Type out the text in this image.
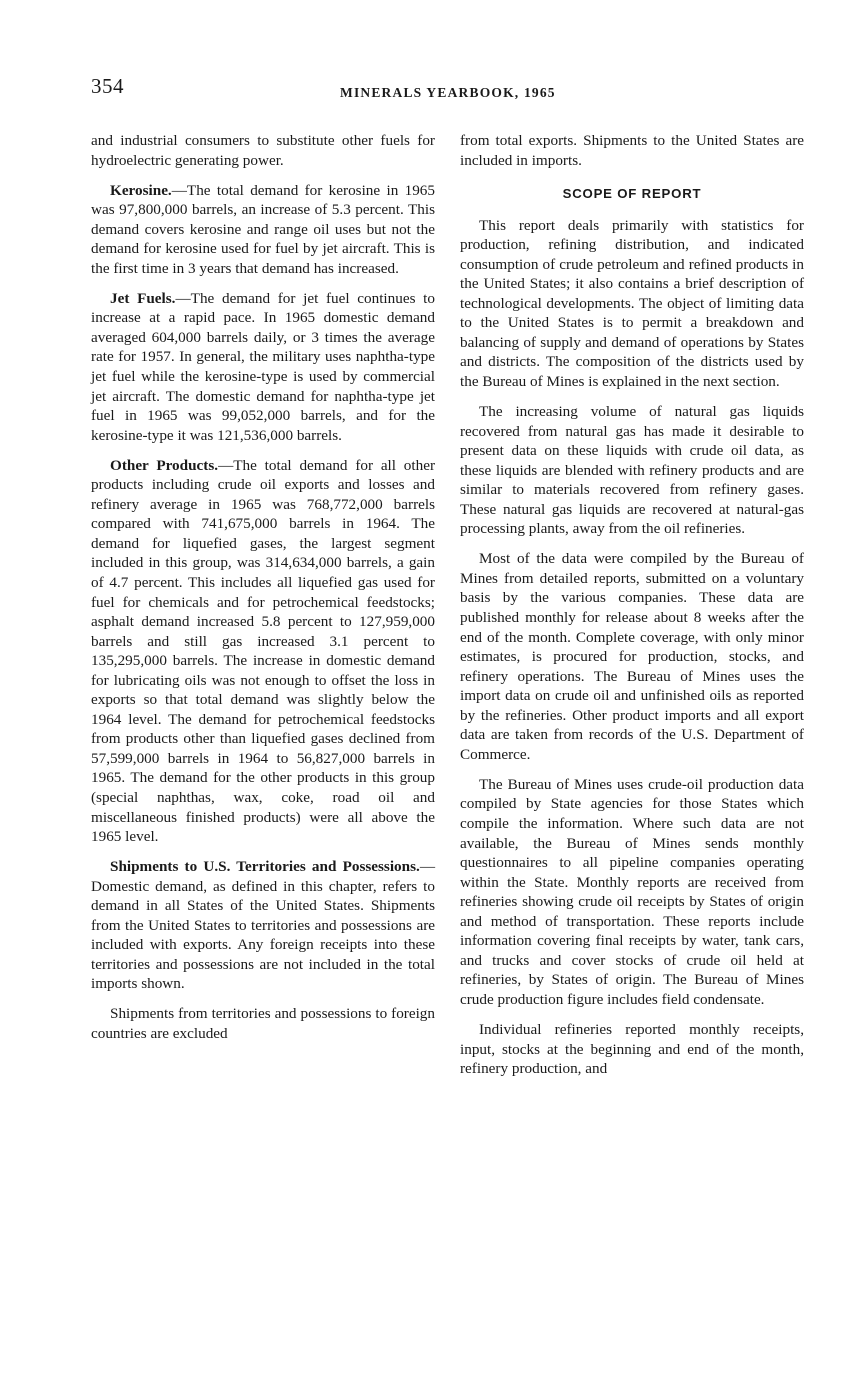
354	MINERALS YEARBOOK, 1965

and industrial consumers to substitute other fuels for hydroelectric generating power.

Kerosine.—The total demand for kerosine in 1965 was 97,800,000 barrels, an increase of 5.3 percent. This demand covers kerosine and range oil uses but not the demand for kerosine used for fuel by jet aircraft. This is the first time in 3 years that demand has increased.

Jet Fuels.—The demand for jet fuel continues to increase at a rapid pace. In 1965 domestic demand averaged 604,000 barrels daily, or 3 times the average rate for 1957. In general, the military uses naphtha-type jet fuel while the kerosine-type is used by commercial jet aircraft. The domestic demand for naphtha-type jet fuel in 1965 was 99,052,000 barrels, and for the kerosine-type it was 121,536,000 barrels.

Other Products.—The total demand for all other products including crude oil exports and losses and refinery average in 1965 was 768,772,000 barrels compared with 741,675,000 barrels in 1964. The demand for liquefied gases, the largest segment included in this group, was 314,634,000 barrels, a gain of 4.7 percent. This includes all liquefied gas used for fuel for chemicals and for petrochemical feedstocks; asphalt demand increased 5.8 percent to 127,959,000 barrels and still gas increased 3.1 percent to 135,295,000 barrels. The increase in domestic demand for lubricating oils was not enough to offset the loss in exports so that total demand was slightly below the 1964 level. The demand for petrochemical feedstocks from products other than liquefied gases declined from 57,599,000 barrels in 1964 to 56,827,000 barrels in 1965. The demand for the other products in this group (special naphthas, wax, coke, road oil and miscellaneous finished products) were all above the 1965 level.

Shipments to U.S. Territories and Possessions.—Domestic demand, as defined in this chapter, refers to demand in all States of the United States. Shipments from the United States to territories and possessions are included with exports. Any foreign receipts into these territories and possessions are not included in the total imports shown.

Shipments from territories and possessions to foreign countries are excluded

from total exports. Shipments to the United States are included in imports.

SCOPE OF REPORT

This report deals primarily with statistics for production, refining distribution, and indicated consumption of crude petroleum and refined products in the United States; it also contains a brief description of technological developments. The object of limiting data to the United States is to permit a breakdown and balancing of supply and demand of operations by States and districts. The composition of the districts used by the Bureau of Mines is explained in the next section.

The increasing volume of natural gas liquids recovered from natural gas has made it desirable to present data on these liquids with crude oil data, as these liquids are blended with refinery products and are similar to materials recovered from refinery gases. These natural gas liquids are recovered at natural-gas processing plants, away from the oil refineries.

Most of the data were compiled by the Bureau of Mines from detailed reports, submitted on a voluntary basis by the various companies. These data are published monthly for release about 8 weeks after the end of the month. Complete coverage, with only minor estimates, is procured for production, stocks, and refinery operations. The Bureau of Mines uses the import data on crude oil and unfinished oils as reported by the refineries. Other product imports and all export data are taken from records of the U.S. Department of Commerce.

The Bureau of Mines uses crude-oil production data compiled by State agencies for those States which compile the information. Where such data are not available, the Bureau of Mines sends monthly questionnaires to all pipeline companies operating within the State. Monthly reports are received from refineries showing crude oil receipts by States of origin and method of transportation. These reports include information covering final receipts by water, tank cars, and trucks and cover stocks of crude oil held at refineries, by States of origin. The Bureau of Mines crude production figure includes field condensate.

Individual refineries reported monthly receipts, input, stocks at the beginning and end of the month, refinery production, and
